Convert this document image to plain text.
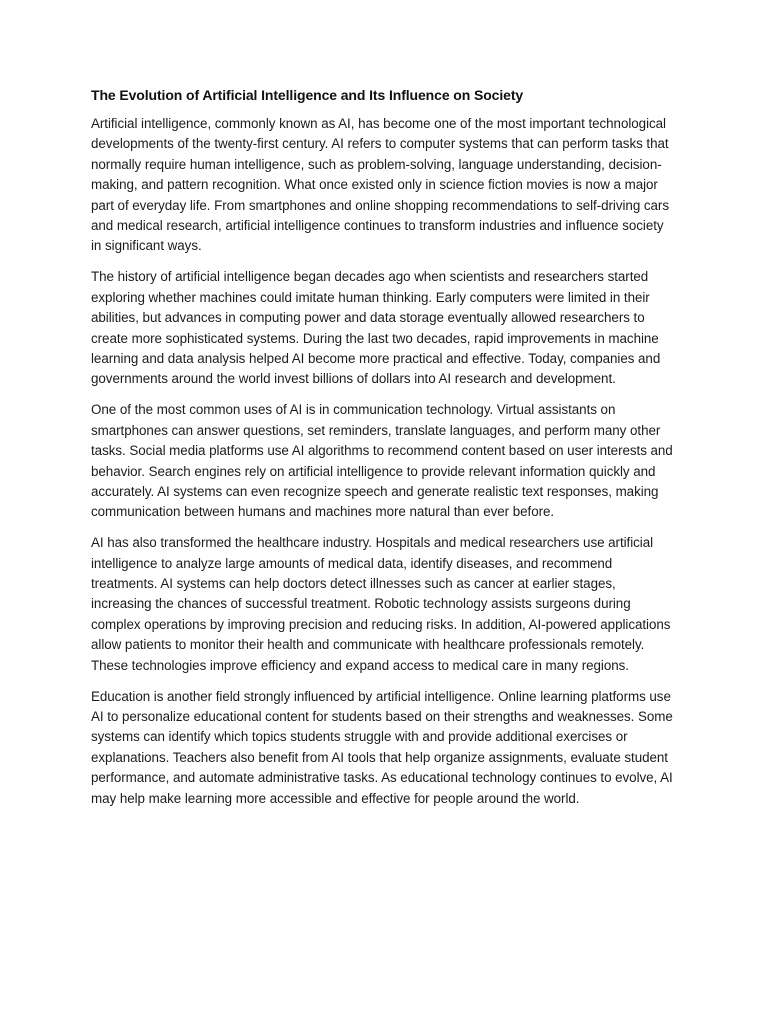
The Evolution of Artificial Intelligence and Its Influence on Society

Artificial intelligence, commonly known as AI, has become one of the most important technological developments of the twenty-first century. AI refers to computer systems that can perform tasks that normally require human intelligence, such as problem-solving, language understanding, decision-making, and pattern recognition. What once existed only in science fiction movies is now a major part of everyday life. From smartphones and online shopping recommendations to self-driving cars and medical research, artificial intelligence continues to transform industries and influence society in significant ways.

The history of artificial intelligence began decades ago when scientists and researchers started exploring whether machines could imitate human thinking. Early computers were limited in their abilities, but advances in computing power and data storage eventually allowed researchers to create more sophisticated systems. During the last two decades, rapid improvements in machine learning and data analysis helped AI become more practical and effective. Today, companies and governments around the world invest billions of dollars into AI research and development.

One of the most common uses of AI is in communication technology. Virtual assistants on smartphones can answer questions, set reminders, translate languages, and perform many other tasks. Social media platforms use AI algorithms to recommend content based on user interests and behavior. Search engines rely on artificial intelligence to provide relevant information quickly and accurately. AI systems can even recognize speech and generate realistic text responses, making communication between humans and machines more natural than ever before.

AI has also transformed the healthcare industry. Hospitals and medical researchers use artificial intelligence to analyze large amounts of medical data, identify diseases, and recommend treatments. AI systems can help doctors detect illnesses such as cancer at earlier stages, increasing the chances of successful treatment. Robotic technology assists surgeons during complex operations by improving precision and reducing risks. In addition, AI-powered applications allow patients to monitor their health and communicate with healthcare professionals remotely. These technologies improve efficiency and expand access to medical care in many regions.

Education is another field strongly influenced by artificial intelligence. Online learning platforms use AI to personalize educational content for students based on their strengths and weaknesses. Some systems can identify which topics students struggle with and provide additional exercises or explanations. Teachers also benefit from AI tools that help organize assignments, evaluate student performance, and automate administrative tasks. As educational technology continues to evolve, AI may help make learning more accessible and effective for people around the world.
